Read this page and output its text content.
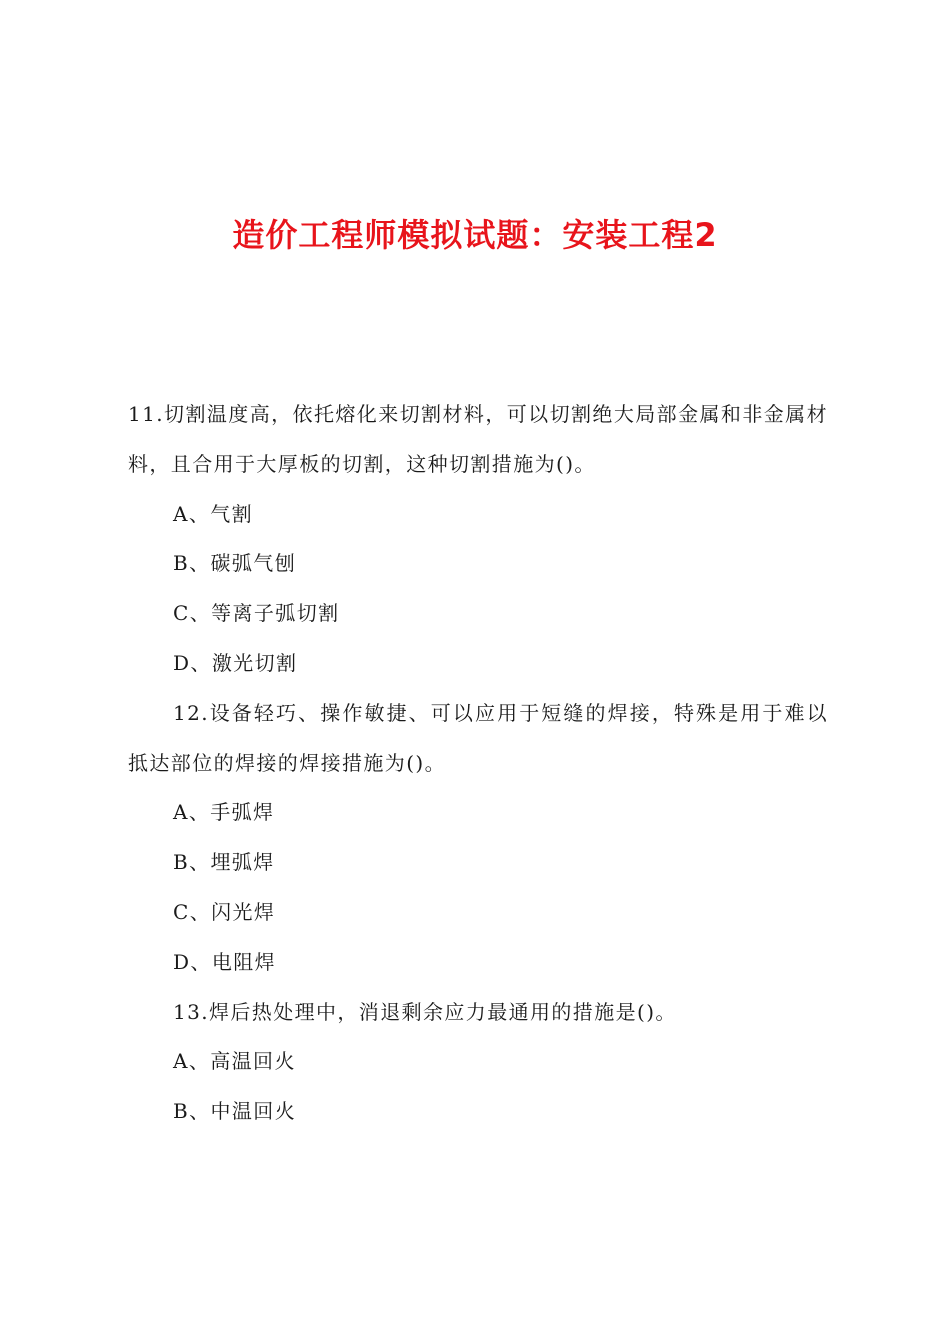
造价工程师模拟试题：安装工程2

11.切割温度高，依托熔化来切割材料，可以切割绝大局部金属和非金属材料，且合用于大厚板的切割，这种切割措施为()。

A、气割

B、碳弧气刨

C、等离子弧切割

D、激光切割

12.设备轻巧、操作敏捷、可以应用于短缝的焊接，特殊是用于难以抵达部位的焊接的焊接措施为()。

A、手弧焊

B、埋弧焊

C、闪光焊

D、电阻焊

13.焊后热处理中，消退剩余应力最通用的措施是()。

A、高温回火

B、中温回火
